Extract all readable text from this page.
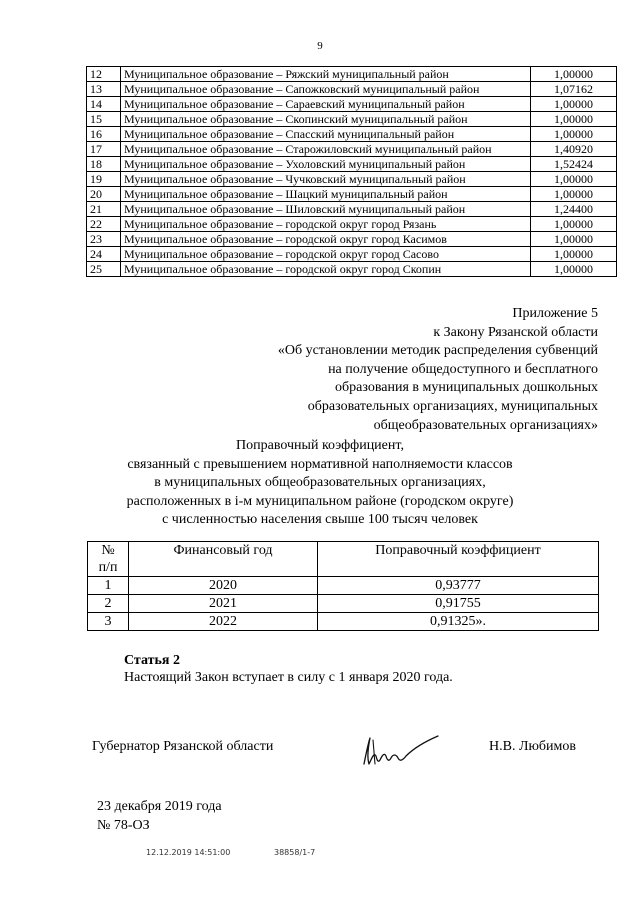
9
12	Муниципальное образование – Ряжский муниципальный район	1,00000
13	Муниципальное образование – Сапожковский муниципальный район	1,07162
14	Муниципальное образование – Сараевский муниципальный район	1,00000
15	Муниципальное образование – Скопинский муниципальный район	1,00000
16	Муниципальное образование – Спасский муниципальный район	1,00000
17	Муниципальное образование – Старожиловский муниципальный район	1,40920
18	Муниципальное образование – Ухоловский муниципальный район	1,52424
19	Муниципальное образование – Чучковский муниципальный район	1,00000
20	Муниципальное образование – Шацкий муниципальный район	1,00000
21	Муниципальное образование – Шиловский муниципальный район	1,24400
22	Муниципальное образование – городской округ город Рязань	1,00000
23	Муниципальное образование – городской округ город Касимов	1,00000
24	Муниципальное образование – городской округ город Сасово	1,00000
25	Муниципальное образование – городской округ город Скопин	1,00000
Приложение 5
к Закону Рязанской области
«Об установлении методик распределения субвенций
на получение общедоступного и бесплатного
образования в муниципальных дошкольных
образовательных организациях, муниципальных
общеобразовательных организациях»
Поправочный коэффициент,
связанный с превышением нормативной наполняемости классов
в муниципальных общеобразовательных организациях,
расположенных в i-м муниципальном районе (городском округе)
с численностью населения свыше 100 тысяч человек
№
п/п	Финансовый год	Поправочный коэффициент
1	2020	0,93777
2	2021	0,91755
3	2022	0,91325».
Статья 2
Настоящий Закон вступает в силу с 1 января 2020 года.
Губернатор Рязанской области	Н.В. Любимов
23 декабря 2019 года
№ 78-ОЗ
12.12.2019 14:51:00	38858/1-7
